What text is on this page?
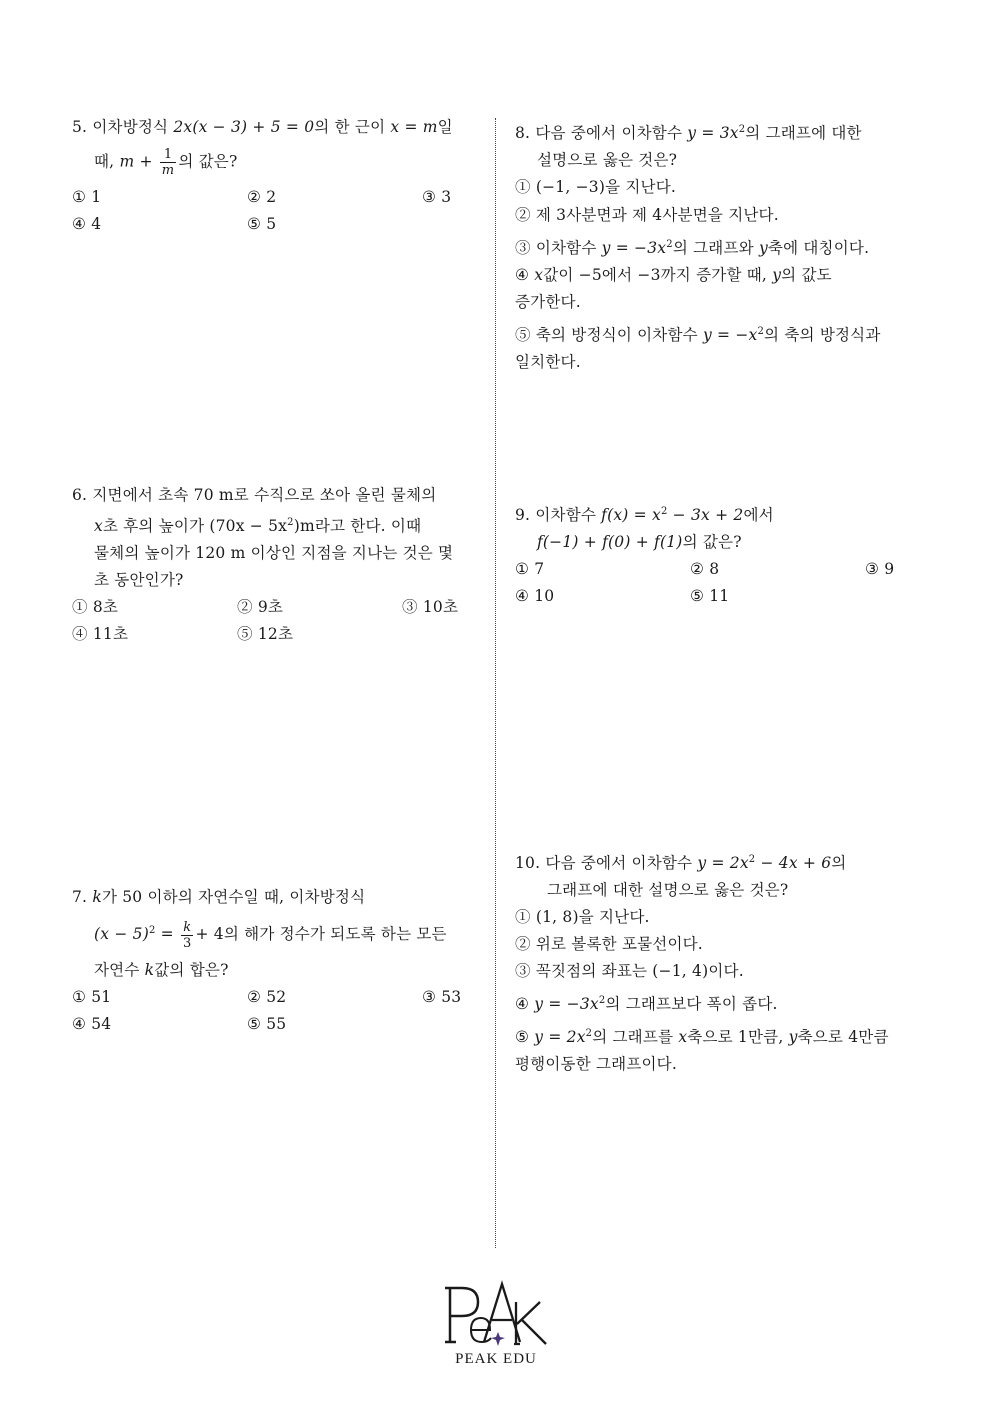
5. 이차방정식 2x(x − 3) + 5 = 0의 한 근이 x = m일
때, $m + \frac{1}{m}$ 의 값은?
① 1	② 2	③ 3
④ 4	⑤ 5
6. 지면에서 초속 70 m로 수직으로 쏘아 올린 물체의
x초 후의 높이가 $(70x - 5x^2)m$라고 한다. 이때
물체의 높이가 120 m 이상인 지점을 지나는 것은 몇
초 동안인가?
① 8초	② 9초	③ 10초
④ 11초	⑤ 12초
7. k가 50 이하의 자연수일 때, 이차방정식
$(x - 5)^2 = \frac{k}{3} + 4$의 해가 정수가 되도록 하는 모든
자연수 k값의 합은?
① 51	② 52	③ 53
④ 54	⑤ 55
8. 다음 중에서 이차함수 $y = 3x^2$의 그래프에 대한
설명으로 옳은 것은?
① (−1, −3)을 지난다.
② 제 3사분면과 제 4사분면을 지난다.
③ 이차함수 $y = -3x^2$의 그래프와 y축에 대칭이다.
④ x값이 −5에서 −3까지 증가할 때, y의 값도
증가한다.
⑤ 축의 방정식이 이차함수 $y = -x^2$의 축의 방정식과
일치한다.
9. 이차함수 $f(x) = x^2 - 3x + 2$에서
f(−1) + f(0) + f(1)의 값은?
① 7	② 8	③ 9
④ 10	⑤ 11
10. 다음 중에서 이차함수 $y = 2x^2 - 4x + 6$의
그래프에 대한 설명으로 옳은 것은?
① (1, 8)을 지난다.
② 위로 볼록한 포물선이다.
③ 꼭짓점의 좌표는 (−1, 4)이다.
④ $y = -3x^2$의 그래프보다 폭이 좁다.
⑤ $y = 2x^2$의 그래프를 x축으로 1만큼, y축으로 4만큼
평행이동한 그래프이다.
PEAK EDU
